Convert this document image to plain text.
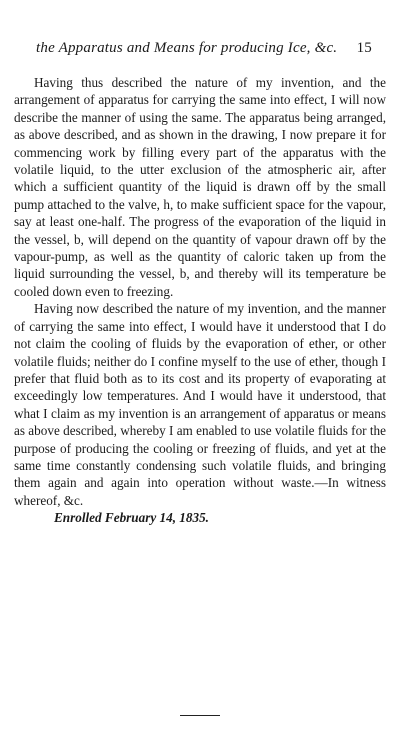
the Apparatus and Means for producing Ice, &c. 15

Having thus described the nature of my invention, and the arrangement of apparatus for carrying the same into effect, I will now describe the manner of using the same. The apparatus being arranged, as above described, and as shown in the drawing, I now prepare it for commencing work by filling every part of the apparatus with the volatile liquid, to the utter exclusion of the atmospheric air, after which a sufficient quantity of the liquid is drawn off by the small pump attached to the valve, h, to make sufficient space for the vapour, say at least one-half. The progress of the evaporation of the liquid in the vessel, b, will depend on the quantity of vapour drawn off by the vapour-pump, as well as the quantity of caloric taken up from the liquid surrounding the vessel, b, and thereby will its temperature be cooled down even to freezing.

Having now described the nature of my invention, and the manner of carrying the same into effect, I would have it understood that I do not claim the cooling of fluids by the evaporation of ether, or other volatile fluids; neither do I confine myself to the use of ether, though I prefer that fluid both as to its cost and its property of evaporating at exceedingly low temperatures. And I would have it understood, that what I claim as my invention is an arrangement of apparatus or means as above described, whereby I am enabled to use volatile fluids for the purpose of producing the cooling or freezing of fluids, and yet at the same time constantly condensing such volatile fluids, and bringing them again and again into operation without waste.—In witness whereof, &c.

Enrolled February 14, 1835.
